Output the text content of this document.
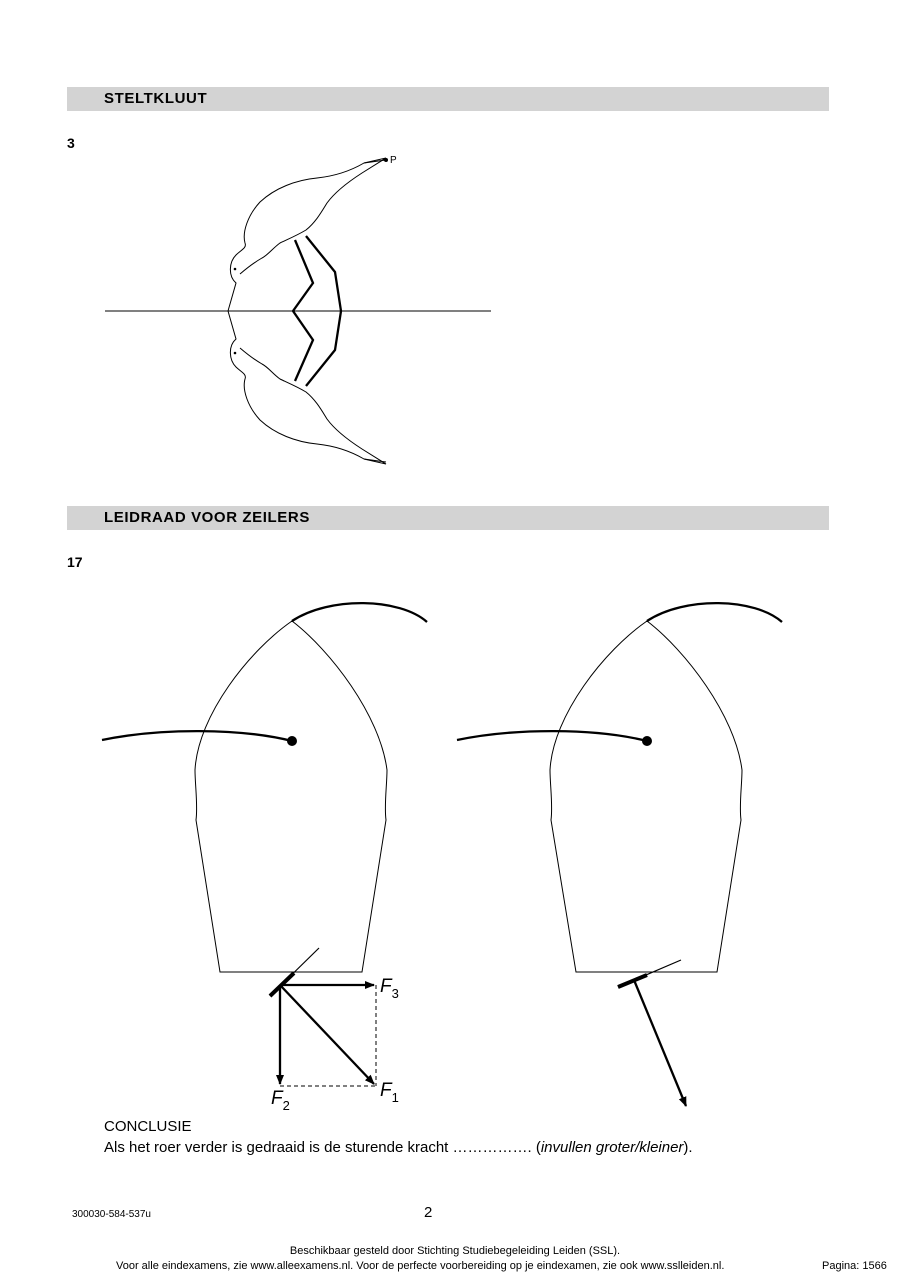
STELTKLUUT
3
P
LEIDRAAD VOOR ZEILERS
17
$F_3$
$F_2$
$F_1$
CONCLUSIE
Als het roer verder is gedraaid is de sturende kracht ……………. (invullen groter/kleiner).
300030-584-537u	2
Beschikbaar gesteld door Stichting Studiebegeleiding Leiden (SSL).
Voor alle eindexamens, zie www.alleexamens.nl. Voor de perfecte voorbereiding op je eindexamen, zie ook www.sslleiden.nl.	Pagina: 1566
